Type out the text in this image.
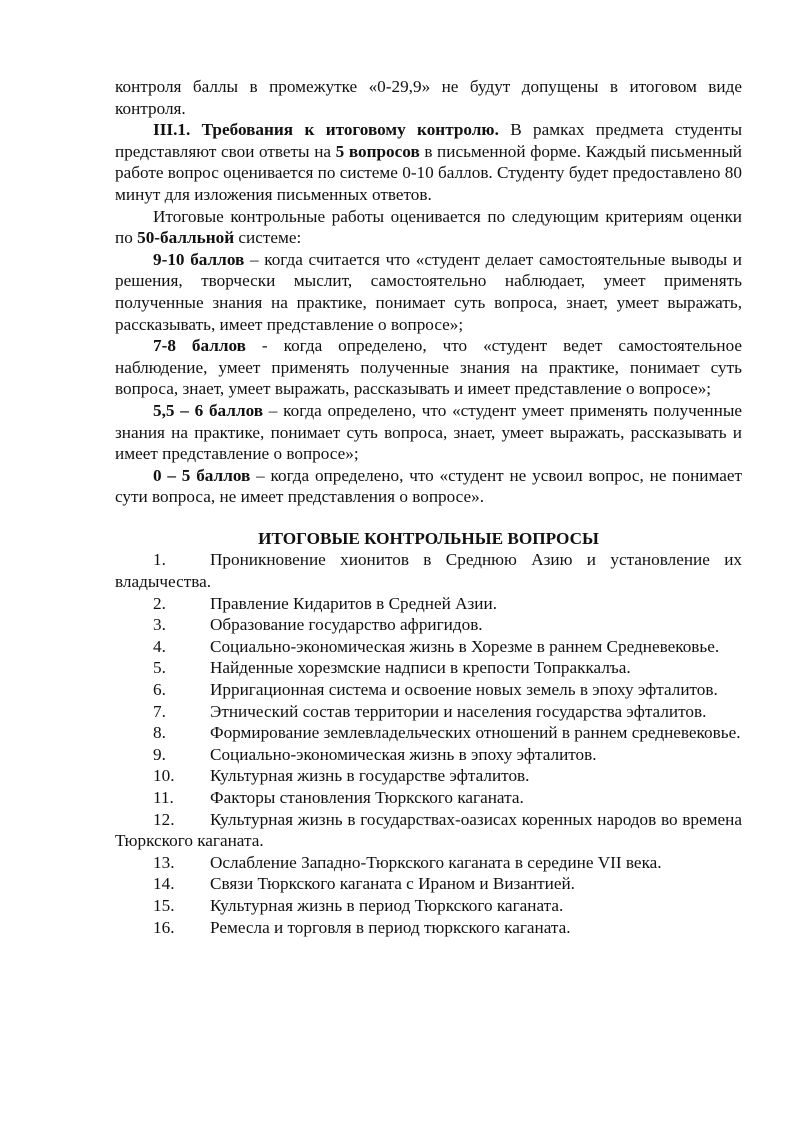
контроля баллы в промежутке «0-29,9» не будут допущены в итоговом виде контроля.

III.1. Требования к итоговому контролю. В рамках предмета студенты представляют свои ответы на 5 вопросов в письменной форме. Каждый письменный работе вопрос оценивается по системе 0-10 баллов. Студенту будет предоставлено 80 минут для изложения письменных ответов.

Итоговые контрольные работы оценивается по следующим критериям оценки по 50-балльной системе:

9-10 баллов – когда считается что «студент делает самостоятельные выводы и решения, творчески мыслит, самостоятельно наблюдает, умеет применять полученные знания на практике, понимает суть вопроса, знает, умеет выражать, рассказывать, имеет представление о вопросе»;

7-8 баллов - когда определено, что «студент ведет самостоятельное наблюдение, умеет применять полученные знания на практике, понимает суть вопроса, знает, умеет выражать, рассказывать и имеет представление о вопросе»;

5,5 – 6 баллов – когда определено, что «студент умеет применять полученные знания на практике, понимает суть вопроса, знает, умеет выражать, рассказывать и имеет представление о вопросе»;

0 – 5 баллов – когда определено, что «студент не усвоил вопрос, не понимает сути вопроса, не имеет представления о вопросе».

ИТОГОВЫЕ КОНТРОЛЬНЫЕ ВОПРОСЫ

1.	Проникновение хионитов в Среднюю Азию и установление их владычества.
2.	Правление Кидаритов в Средней Азии.
3.	Образование государство афригидов.
4.	Социально-экономическая жизнь в Хорезме в раннем Средневековье.
5.	Найденные хорезмские надписи в крепости Топраккалъа.
6.	Ирригационная система и освоение новых земель в эпоху эфталитов.
7.	Этнический состав территории и населения государства эфталитов.
8.	Формирование землевладельческих отношений в раннем средневековье.
9.	Социально-экономическая жизнь в эпоху эфталитов.
10. Культурная жизнь в государстве эфталитов.
11. Факторы становления Тюркского каганата.
12. Культурная жизнь в государствах-оазисах коренных народов во времена Тюркского каганата.
13. Ослабление Западно-Тюркского каганата в середине VII века.
14. Связи Тюркского каганата с Ираном и Византией.
15. Культурная жизнь в период Тюркского каганата.
16. Ремесла и торговля в период тюркского каганата.
